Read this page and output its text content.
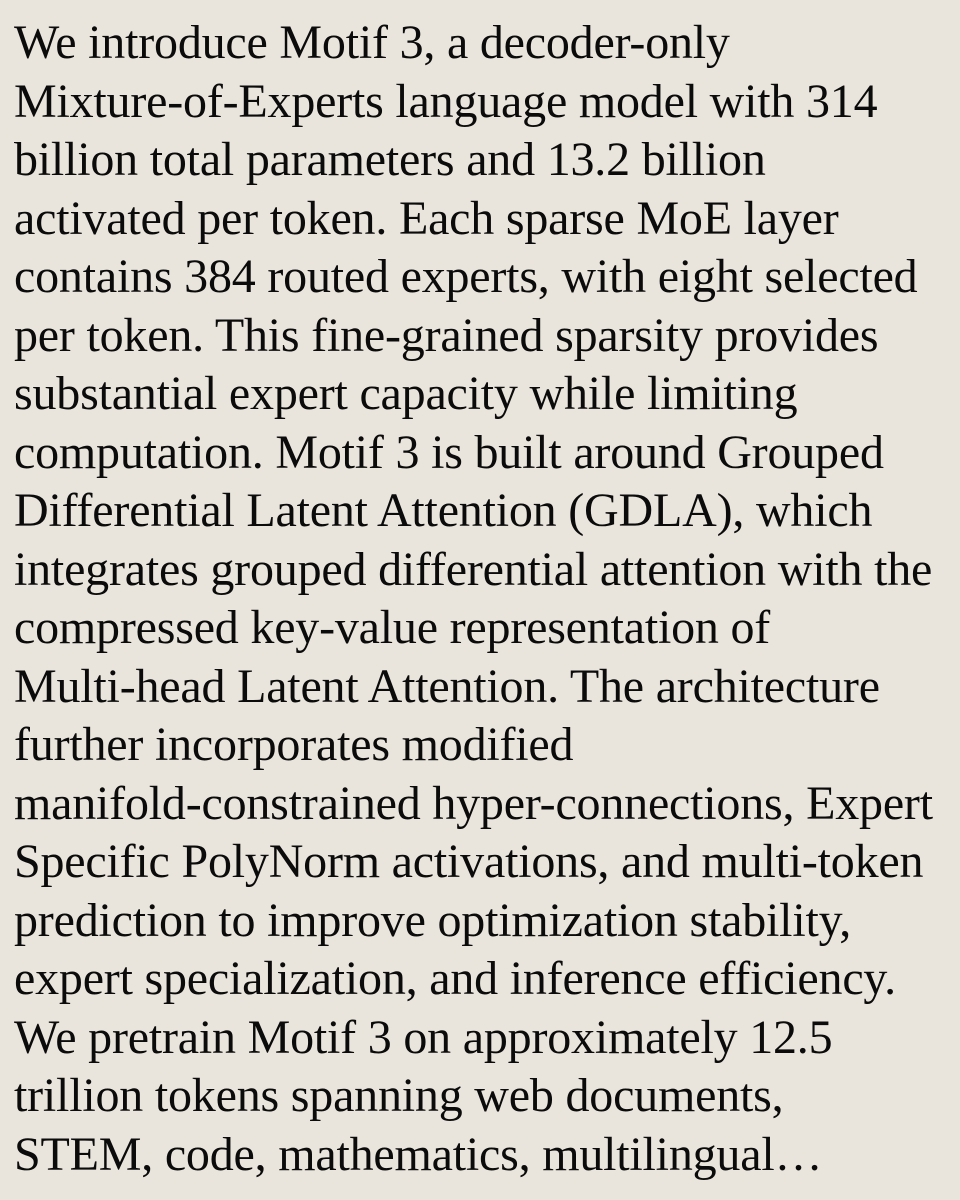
We introduce Motif 3, a decoder-only
Mixture-of-Experts language model with 314
billion total parameters and 13.2 billion
activated per token. Each sparse MoE layer
contains 384 routed experts, with eight selected
per token. This fine-grained sparsity provides
substantial expert capacity while limiting
computation. Motif 3 is built around Grouped
Differential Latent Attention (GDLA), which
integrates grouped differential attention with the
compressed key-value representation of
Multi-head Latent Attention. The architecture
further incorporates modified
manifold-constrained hyper-connections, Expert
Specific PolyNorm activations, and multi-token
prediction to improve optimization stability,
expert specialization, and inference efficiency.
We pretrain Motif 3 on approximately 12.5
trillion tokens spanning web documents,
STEM, code, mathematics, multilingual…
